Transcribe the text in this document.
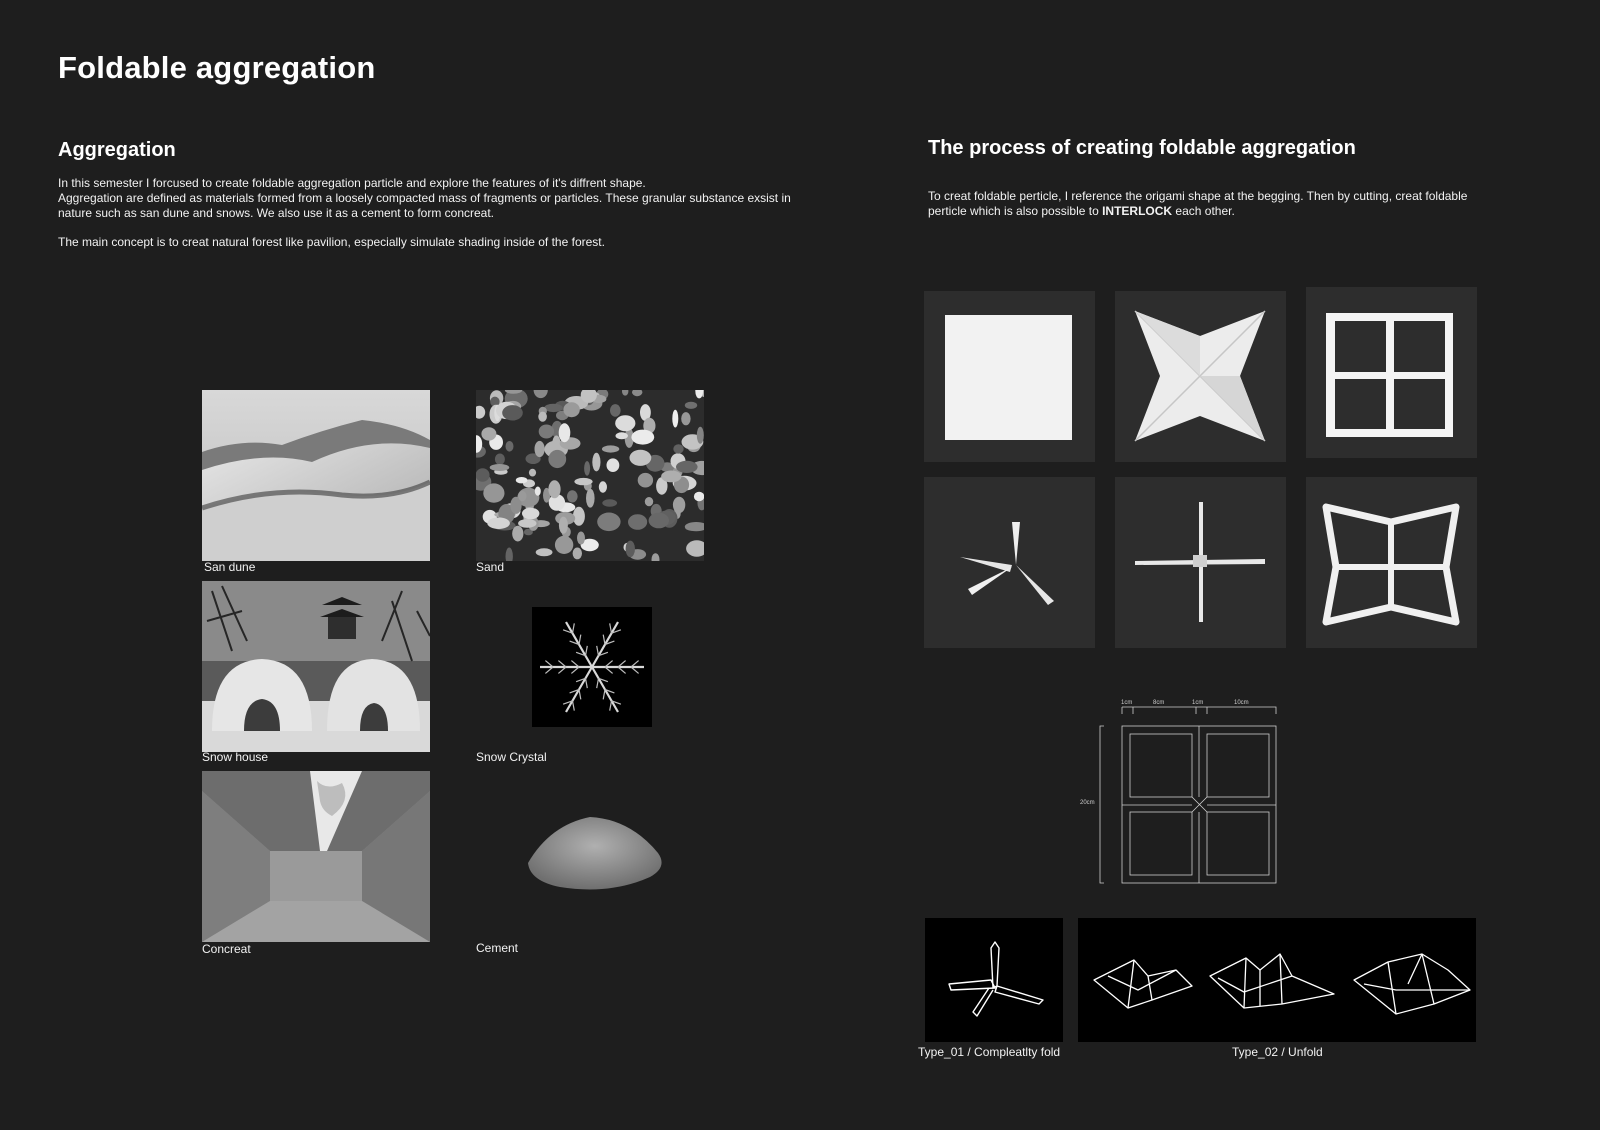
Foldable aggregation
Aggregation

In this semester I forcused to create foldable aggregation particle and explore the features of it's diffrent shape.

Aggregation are defined as materials formed from a loosely compacted mass of fragments or particles. These granular substance exsist in nature such as san dune and snows. We also use it as a cement to form concreat.

The main concept is to creat natural forest like pavilion, especially simulate shading inside of the forest.

San dune	Sand
Snow house	Snow Crystal
Concreat	Cement
The process of creating foldable aggregation
To creat foldable perticle, I reference the origami shape at the begging. Then by cutting, creat foldable perticle which is also possible to INTERLOCK each other.
1cm	8cm	1cm	10cm
20cm
Type_01 / Compleatlty fold	Type_02 / Unfold
